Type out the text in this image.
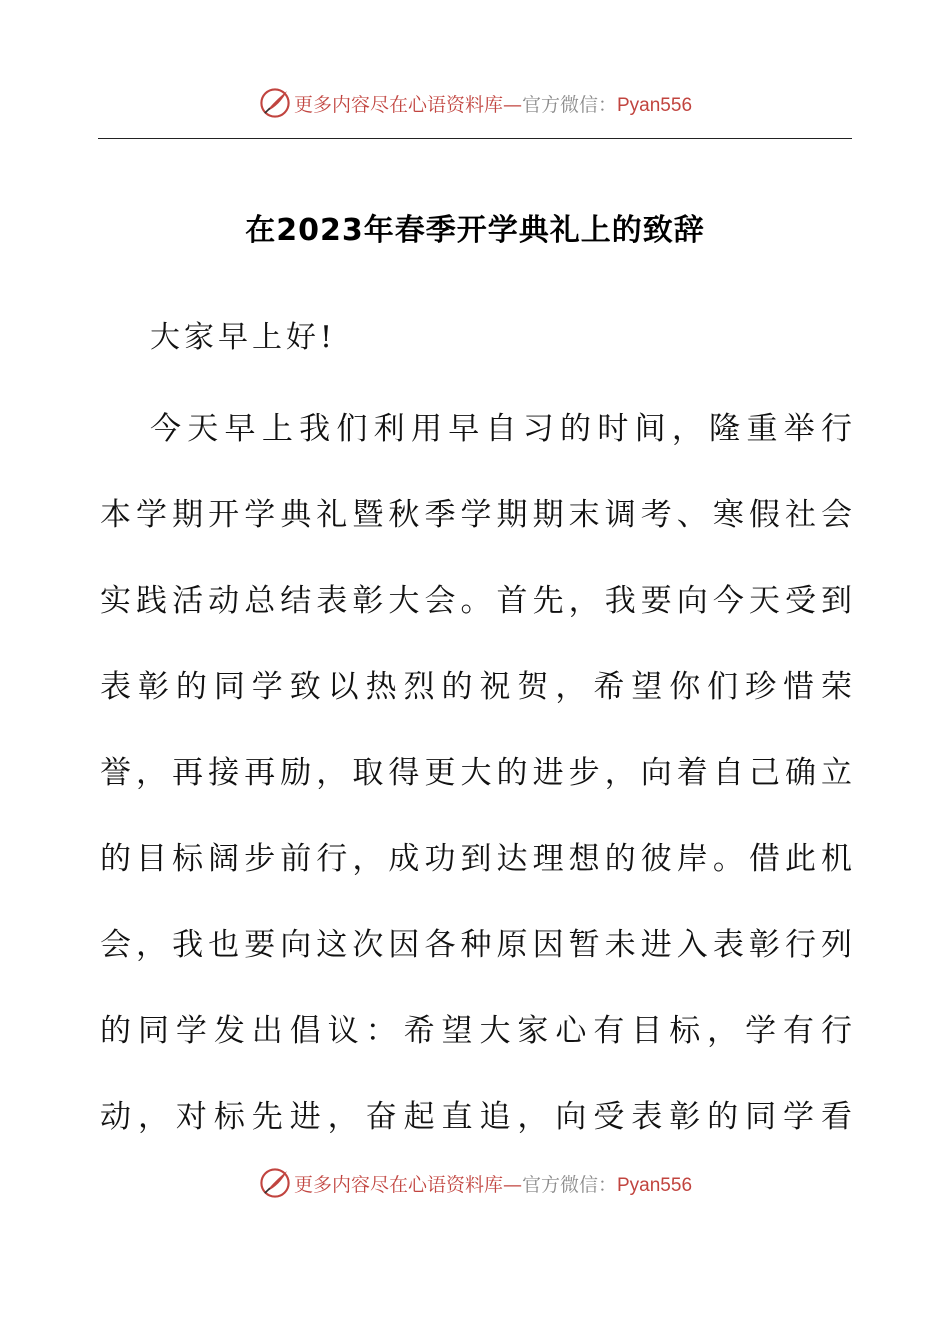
更多内容尽在心语资料库—官方微信：Pyan556
在2023年春季开学典礼上的致辞
大家早上好!
今天早上我们利用早自习的时间，隆重举行
本学期开学典礼暨秋季学期期末调考、寒假社会
实践活动总结表彰大会。首先，我要向今天受到
表彰的同学致以热烈的祝贺，希望你们珍惜荣
誉，再接再励，取得更大的进步，向着自己确立
的目标阔步前行，成功到达理想的彼岸。借此机
会，我也要向这次因各种原因暂未进入表彰行列
的同学发出倡议：希望大家心有目标，学有行
动，对标先进，奋起直追，向受表彰的同学看
更多内容尽在心语资料库—官方微信：Pyan556
